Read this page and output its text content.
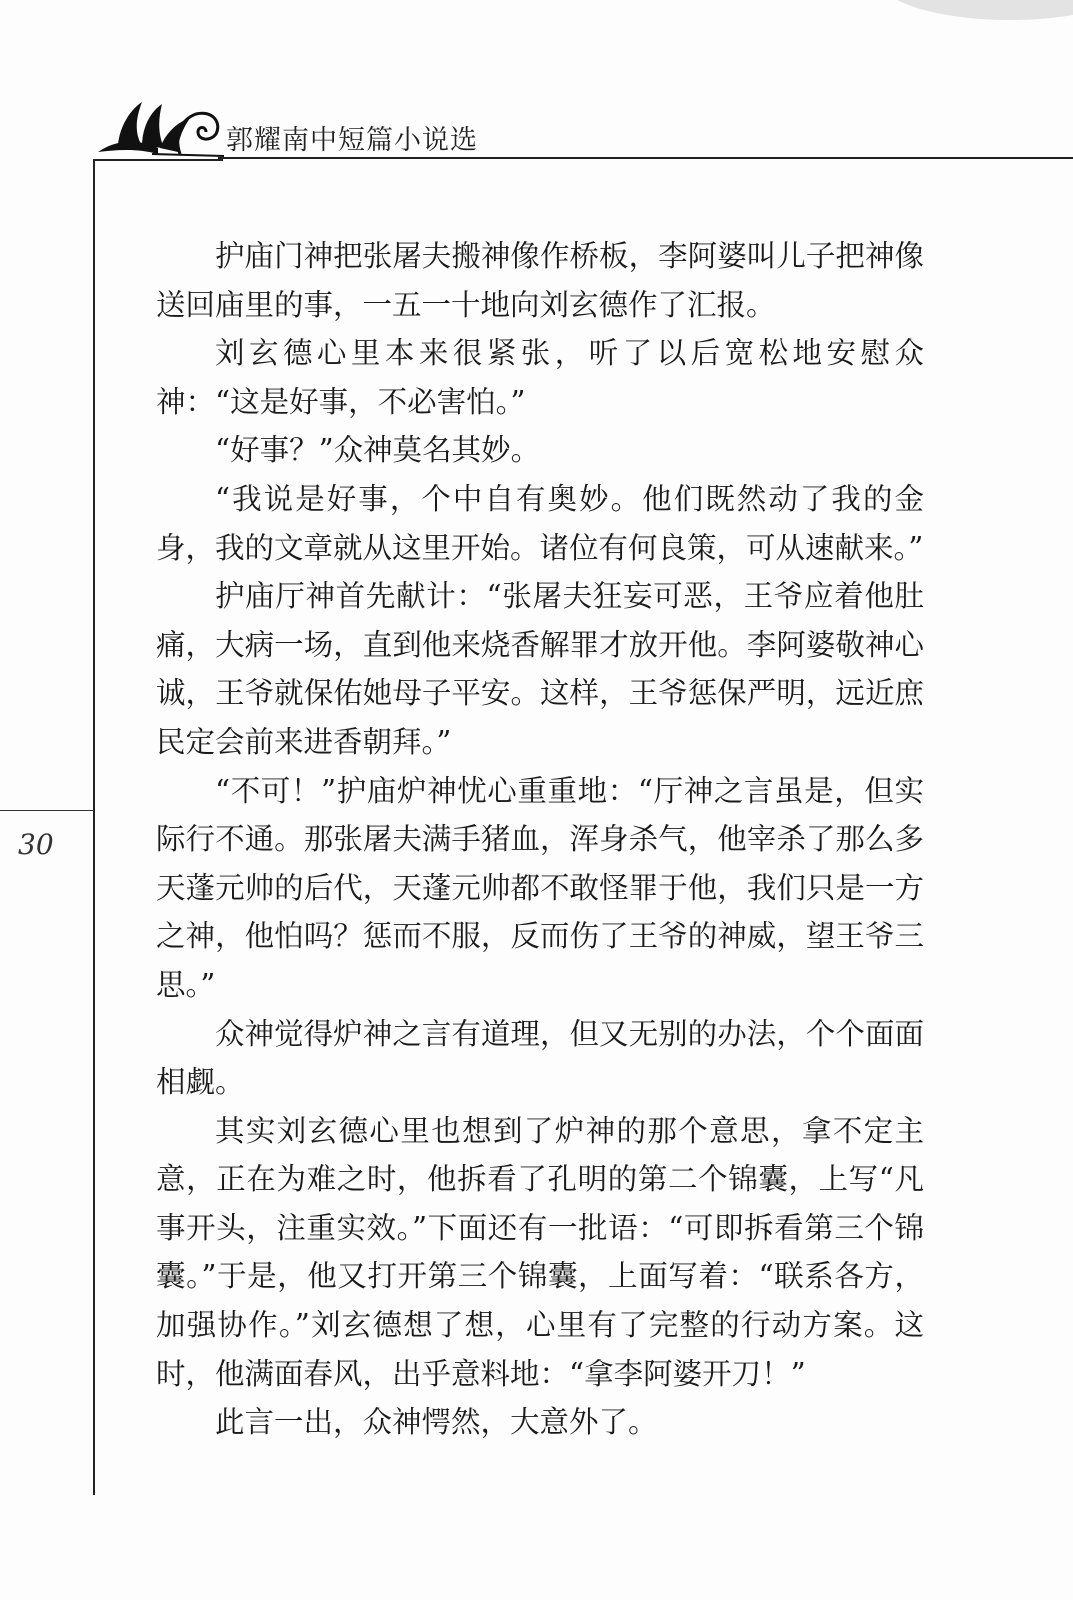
郭耀南中短篇小说选
30

护庙门神把张屠夫搬神像作桥板，李阿婆叫儿子把神像送回庙里的事，一五一十地向刘玄德作了汇报。

刘玄德心里本来很紧张，听了以后宽松地安慰众神：“这是好事，不必害怕。”

“好事？”众神莫名其妙。

“我说是好事，个中自有奥妙。他们既然动了我的金身，我的文章就从这里开始。诸位有何良策，可从速献来。”

护庙厅神首先献计：“张屠夫狂妄可恶，王爷应着他肚痛，大病一场，直到他来烧香解罪才放开他。李阿婆敬神心诚，王爷就保佑她母子平安。这样，王爷惩保严明，远近庶民定会前来进香朝拜。”

“不可！”护庙炉神忧心重重地：“厅神之言虽是，但实际行不通。那张屠夫满手猪血，浑身杀气，他宰杀了那么多天蓬元帅的后代，天蓬元帅都不敢怪罪于他，我们只是一方之神，他怕吗？惩而不服，反而伤了王爷的神威，望王爷三思。”

众神觉得炉神之言有道理，但又无别的办法，个个面面相觑。

其实刘玄德心里也想到了炉神的那个意思，拿不定主意，正在为难之时，他拆看了孔明的第二个锦囊，上写“凡事开头，注重实效。”下面还有一批语：“可即拆看第三个锦囊。”于是，他又打开第三个锦囊，上面写着：“联系各方，加强协作。”刘玄德想了想，心里有了完整的行动方案。这时，他满面春风，出乎意料地：“拿李阿婆开刀！”

此言一出，众神愕然，大意外了。
